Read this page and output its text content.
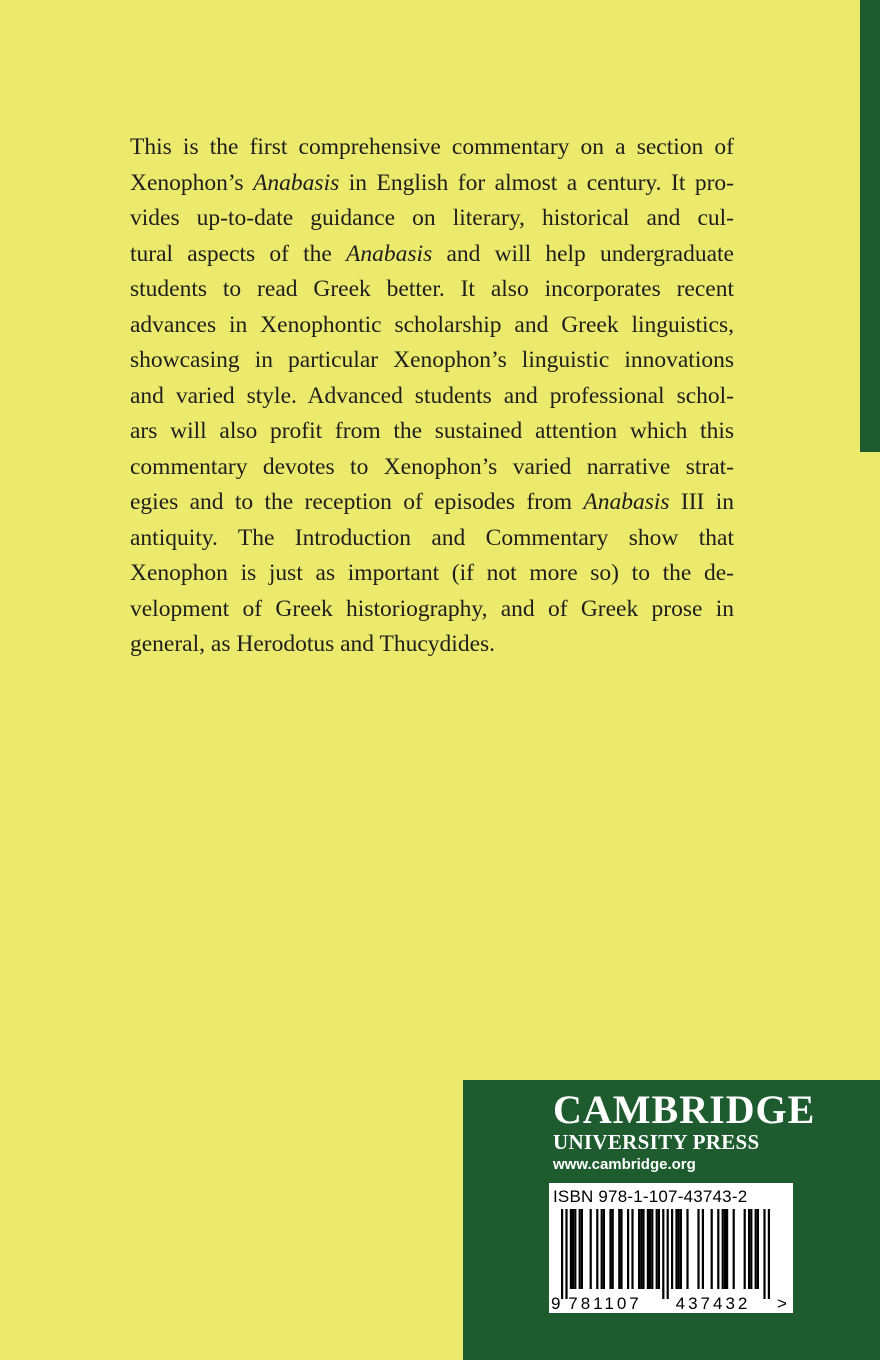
This is the first comprehensive commentary on a section of
Xenophon’s Anabasis in English for almost a century. It pro-
vides up-to-date guidance on literary, historical and cul-
tural aspects of the Anabasis and will help undergraduate
students to read Greek better. It also incorporates recent
advances in Xenophontic scholarship and Greek linguistics,
showcasing in particular Xenophon’s linguistic innovations
and varied style. Advanced students and professional schol-
ars will also profit from the sustained attention which this
commentary devotes to Xenophon’s varied narrative strat-
egies and to the reception of episodes from Anabasis III in
antiquity. The Introduction and Commentary show that
Xenophon is just as important (if not more so) to the de-
velopment of Greek historiography, and of Greek prose in
general, as Herodotus and Thucydides.
CAMBRIDGE
UNIVERSITY PRESS
www.cambridge.org
ISBN 978-1-107-43743-2
9 781107 437432 >
